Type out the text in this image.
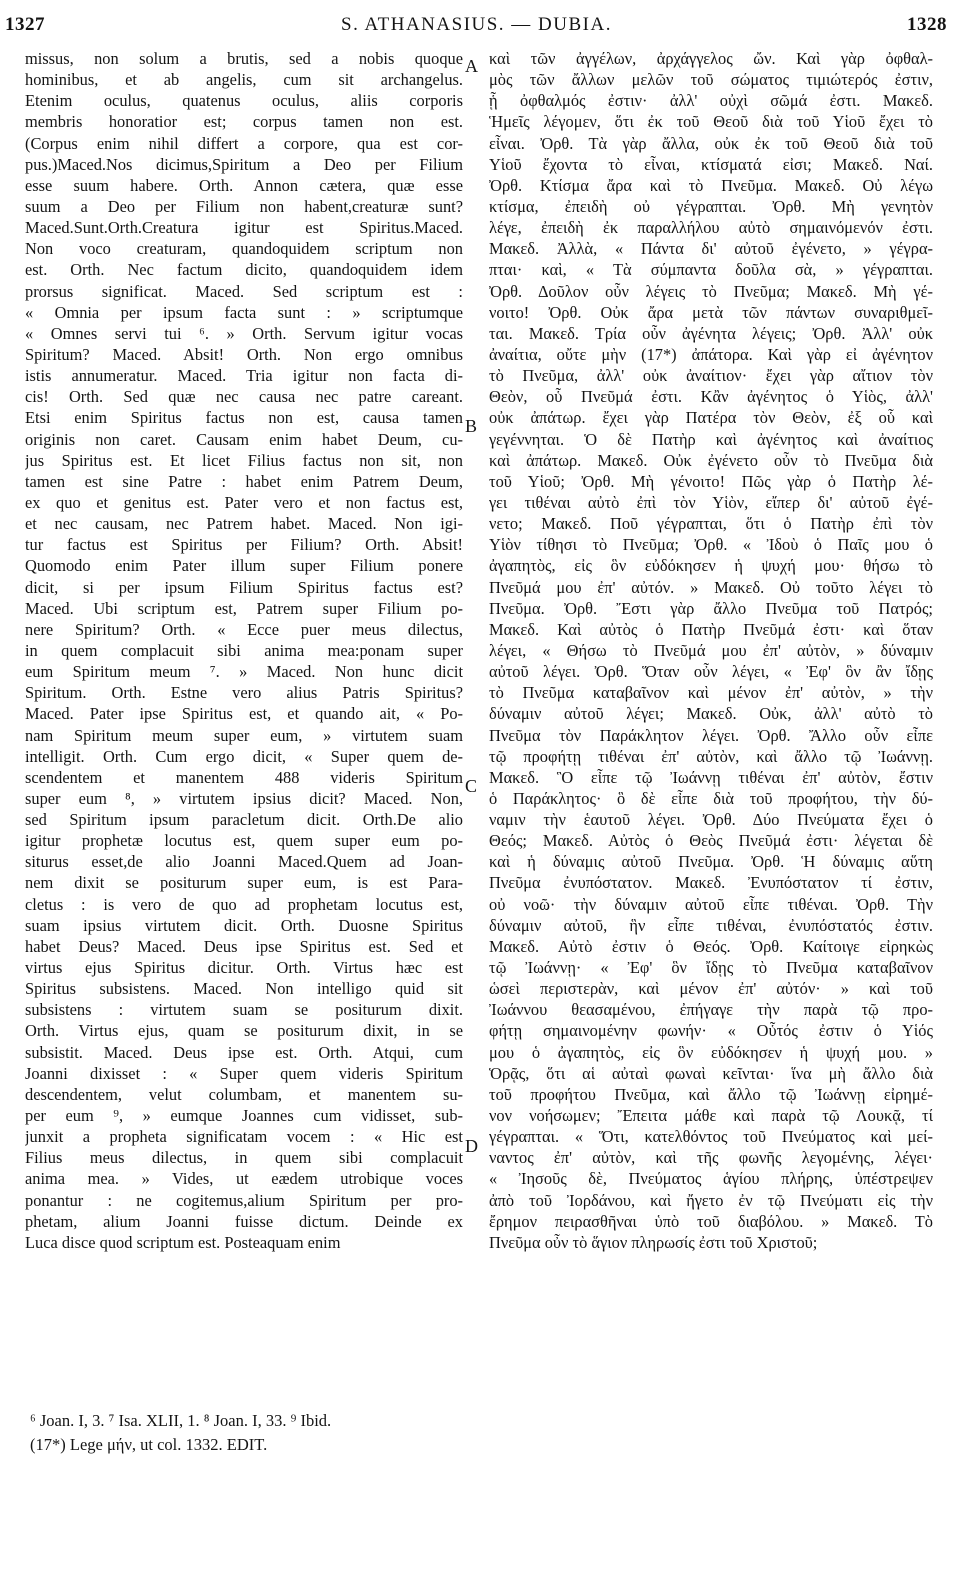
1327	S. ATHANASIUS. — DUBIA.	1328
missus, non solum a brutis, sed a nobis quoque
hominibus, et ab angelis, cum sit archangelus.
Etenim oculus, quatenus oculus, aliis corporis
membris honoratior est; corpus tamen non est.
(Corpus enim nihil differt a corpore, qua est cor-
pus.)Maced.Nos dicimus,Spiritum a Deo per Filium
esse suum habere. Orth. Annon cætera, quæ esse
suum a Deo per Filium non habent,creaturæ sunt?
Maced.Sunt.Orth.Creatura igitur est Spiritus.Maced.
Non voco creaturam, quandoquidem scriptum non
est. Orth. Nec factum dicito, quandoquidem idem
prorsus significat. Maced. Sed scriptum est :
« Omnia per ipsum facta sunt : » scriptumque
« Omnes servi tui ⁶. » Orth. Servum igitur vocas
Spiritum? Maced. Absit! Orth. Non ergo omnibus
istis annumeratur. Maced. Tria igitur non facta di-
cis! Orth. Sed quæ nec causa nec patre careant.
Etsi enim Spiritus factus non est, causa tamen
originis non caret. Causam enim habet Deum, cu-
jus Spiritus est. Et licet Filius factus non sit, non
tamen est sine Patre : habet enim Patrem Deum,
ex quo et genitus est. Pater vero et non factus est,
et nec causam, nec Patrem habet. Maced. Non igi-
tur factus est Spiritus per Filium? Orth. Absit!
Quomodo enim Pater illum super Filium ponere
dicit, si per ipsum Filium Spiritus factus est?
Maced. Ubi scriptum est, Patrem super Filium po-
nere Spiritum? Orth. « Ecce puer meus dilectus,
in quem complacuit sibi anima mea:ponam super
eum Spiritum meum ⁷. » Maced. Non hunc dicit
Spiritum. Orth. Estne vero alius Patris Spiritus?
Maced. Pater ipse Spiritus est, et quando ait, « Po-
nam Spiritum meum super eum, » virtutem suam
intelligit. Orth. Cum ergo dicit, « Super quem de-
scendentem et manentem 488 videris Spiritum
super eum ⁸, » virtutem ipsius dicit? Maced. Non,
sed Spiritum ipsum paracletum dicit. Orth.De alio
igitur prophetæ locutus est, quem super eum po-
siturus esset,de alio Joanni Maced.Quem ad Joan-
nem dixit se positurum super eum, is est Para-
cletus : is vero de quo ad prophetam locutus est,
suam ipsius virtutem dicit. Orth. Duosne Spiritus
habet Deus? Maced. Deus ipse Spiritus est. Sed et
virtus ejus Spiritus dicitur. Orth. Virtus hæc est
Spiritus subsistens. Maced. Non intelligo quid sit
subsistens : virtutem suam se positurum dixit.
Orth. Virtus ejus, quam se positurum dixit, in se
subsistit. Maced. Deus ipse est. Orth. Atqui, cum
Joanni dixisset : « Super quem videris Spiritum
descendentem, velut columbam, et manentem su-
per eum ⁹, » eumque Joannes cum vidisset, sub-
junxit a propheta significatam vocem : « Hic est
Filius meus dilectus, in quem sibi complacuit
anima mea. » Vides, ut eædem utrobique voces
ponantur : ne cogitemus,alium Spiritum per pro-
phetam, alium Joanni fuisse dictum. Deinde ex
Luca disce quod scriptum est. Posteaquam enim
καὶ τῶν ἀγγέλων, ἀρχάγγελος ὤν. Καὶ γὰρ ὀφθαλ-
μὸς τῶν ἄλλων μελῶν τοῦ σώματος τιμιώτερός ἐστιν,
ᾗ ὀφθαλμός ἐστιν· ἀλλ' οὐχὶ σῶμά ἐστι. Μακεδ.
Ἡμεῖς λέγομεν, ὅτι ἐκ τοῦ Θεοῦ διὰ τοῦ Υἱοῦ ἔχει τὸ
εἶναι. Ὀρθ. Τὰ γὰρ ἄλλα, οὐκ ἐκ τοῦ Θεοῦ διὰ τοῦ
Υἱοῦ ἔχοντα τὸ εἶναι, κτίσματά εἰσι; Μακεδ. Ναί.
Ὀρθ. Κτίσμα ἄρα καὶ τὸ Πνεῦμα. Μακεδ. Οὐ λέγω
κτίσμα, ἐπειδὴ οὐ γέγραπται. Ὀρθ. Μὴ γενητὸν
λέγε, ἐπειδὴ ἐκ παραλλήλου αὐτὸ σημαινόμενόν ἐστι.
Μακεδ. Ἀλλὰ, « Πάντα δι' αὐτοῦ ἐγένετο, » γέγρα-
πται· καὶ, « Τὰ σύμπαντα δοῦλα σὰ, » γέγραπται.
Ὀρθ. Δοῦλον οὖν λέγεις τὸ Πνεῦμα; Μακεδ. Μὴ γέ-
νοιτο! Ὀρθ. Οὐκ ἄρα μετὰ τῶν πάντων συναριθμεῖ-
ται. Μακεδ. Τρία οὖν ἀγένητα λέγεις; Ὀρθ. Ἀλλ' οὐκ
ἀναίτια, οὔτε μὴν (17*) ἀπάτορα. Καὶ γὰρ εἰ ἀγένητον
τὸ Πνεῦμα, ἀλλ' οὐκ ἀναίτιον· ἔχει γὰρ αἴτιον τὸν
Θεὸν, οὗ Πνεῦμά ἐστι. Κἂν ἀγένητος ὁ Υἱὸς, ἀλλ'
οὐκ ἀπάτωρ. ἔχει γὰρ Πατέρα τὸν Θεὸν, ἐξ οὗ καὶ
γεγέννηται. Ὁ δὲ Πατὴρ καὶ ἀγένητος καὶ ἀναίτιος
καὶ ἀπάτωρ. Μακεδ. Οὐκ ἐγένετο οὖν τὸ Πνεῦμα διὰ
τοῦ Υἱοῦ; Ὀρθ. Μὴ γένοιτο! Πῶς γὰρ ὁ Πατὴρ λέ-
γει τιθέναι αὐτὸ ἐπὶ τὸν Υἱὸν, εἴπερ δι' αὐτοῦ ἐγέ-
νετο; Μακεδ. Ποῦ γέγραπται, ὅτι ὁ Πατὴρ ἐπὶ τὸν
Υἱὸν τίθησι τὸ Πνεῦμα; Ὀρθ. « Ἰδοὺ ὁ Παῖς μου ὁ
ἀγαπητὸς, εἰς ὃν εὐδόκησεν ἡ ψυχή μου· θήσω τὸ
Πνεῦμά μου ἐπ' αὐτόν. » Μακεδ. Οὐ τοῦτο λέγει τὸ
Πνεῦμα. Ὀρθ. Ἔστι γὰρ ἄλλο Πνεῦμα τοῦ Πατρός;
Μακεδ. Καὶ αὐτὸς ὁ Πατὴρ Πνεῦμά ἐστι· καὶ ὅταν
λέγει, « Θήσω τὸ Πνεῦμά μου ἐπ' αὐτὸν, » δύναμιν
αὐτοῦ λέγει. Ὀρθ. Ὅταν οὖν λέγει, « Ἐφ' ὃν ἂν ἴδῃς
τὸ Πνεῦμα καταβαῖνον καὶ μένον ἐπ' αὐτὸν, » τὴν
δύναμιν αὐτοῦ λέγει; Μακεδ. Οὐκ, ἀλλ' αὐτὸ τὸ
Πνεῦμα τὸν Παράκλητον λέγει. Ὀρθ. Ἄλλο οὖν εἶπε
τῷ προφήτῃ τιθέναι ἐπ' αὐτὸν, καὶ ἄλλο τῷ Ἰωάννῃ.
Μακεδ. Ὃ εἶπε τῷ Ἰωάννῃ τιθέναι ἐπ' αὐτὸν, ἔστιν
ὁ Παράκλητος· ὃ δὲ εἶπε διὰ τοῦ προφήτου, τὴν δύ-
ναμιν τὴν ἑαυτοῦ λέγει. Ὀρθ. Δύο Πνεύματα ἔχει ὁ
Θεός; Μακεδ. Αὐτὸς ὁ Θεὸς Πνεῦμά ἐστι· λέγεται δὲ
καὶ ἡ δύναμις αὐτοῦ Πνεῦμα. Ὀρθ. Ἡ δύναμις αὕτη
Πνεῦμα ἐνυπόστατον. Μακεδ. Ἐνυπόστατον τί ἐστιν,
οὐ νοῶ· τὴν δύναμιν αὐτοῦ εἶπε τιθέναι. Ὀρθ. Τὴν
δύναμιν αὐτοῦ, ἣν εἶπε τιθέναι, ἐνυπόστατός ἐστιν.
Μακεδ. Αὐτὸ ἐστιν ὁ Θεός. Ὀρθ. Καίτοιγε εἰρηκὼς
τῷ Ἰωάννῃ· « Ἐφ' ὃν ἴδῃς τὸ Πνεῦμα καταβαῖνον
ὡσεὶ περιστερὰν, καὶ μένον ἐπ' αὐτόν· » καὶ τοῦ
Ἰωάννου θεασαμένου, ἐπήγαγε τὴν παρὰ τῷ προ-
φήτῃ σημαινομένην φωνήν· « Οὗτός ἐστιν ὁ Υἱός
μου ὁ ἀγαπητὸς, εἰς ὃν εὐδόκησεν ἡ ψυχή μου. »
Ὁρᾷς, ὅτι αἱ αὐταὶ φωναὶ κεῖνται· ἵνα μὴ ἄλλο διὰ
τοῦ προφήτου Πνεῦμα, καὶ ἄλλο τῷ Ἰωάννῃ εἰρημέ-
νον νοήσωμεν; Ἔπειτα μάθε καὶ παρὰ τῷ Λουκᾷ, τί
γέγραπται. « Ὅτι, κατελθόντος τοῦ Πνεύματος καὶ μεί-
ναντος ἐπ' αὐτὸν, καὶ τῆς φωνῆς λεγομένης, λέγει·
« Ἰησοῦς δὲ, Πνεύματος ἁγίου πλήρης, ὑπέστρεψεν
ἀπὸ τοῦ Ἰορδάνου, καὶ ἤγετο ἐν τῷ Πνεύματι εἰς τὴν
ἔρημον πειρασθῆναι ὑπὸ τοῦ διαβόλου. » Μακεδ. Τὸ
Πνεῦμα οὖν τὸ ἅγιον πληρωσίς ἐστι τοῦ Χριστοῦ;
A
B
C
D
⁶ Joan. I, 3. ⁷ Isa. XLII, 1. ⁸ Joan. I, 33. ⁹ Ibid.
(17*) Lege μήν, ut col. 1332. EDIT.
